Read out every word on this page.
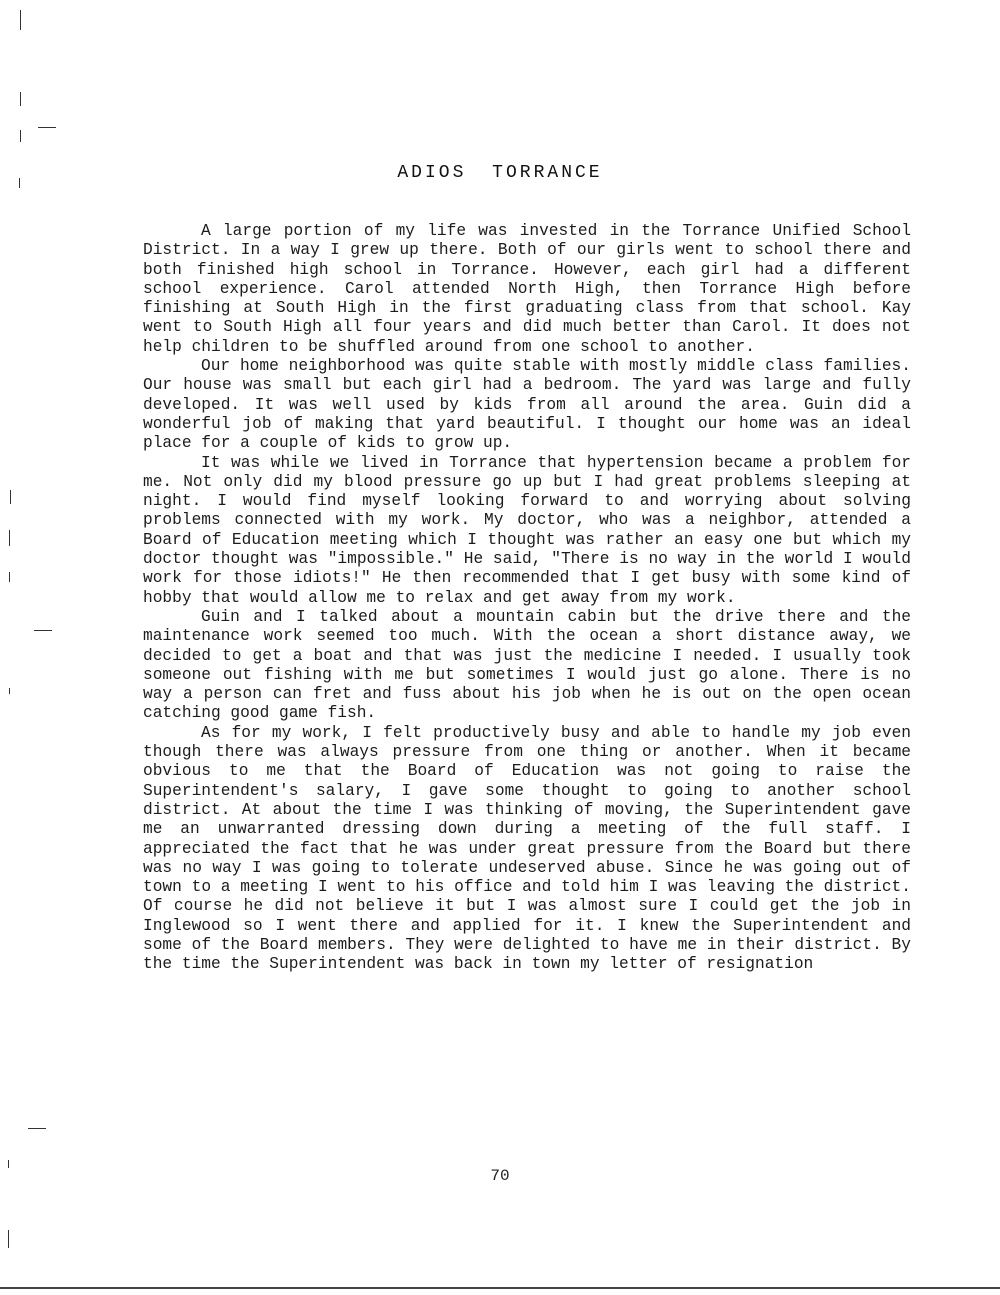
ADIOS TORRANCE

A large portion of my life was invested in the Torrance Unified School District. In a way I grew up there. Both of our girls went to school there and both finished high school in Torrance. However, each girl had a different school experience. Carol attended North High, then Torrance High before finishing at South High in the first graduating class from that school. Kay went to South High all four years and did much better than Carol. It does not help children to be shuffled around from one school to another.

Our home neighborhood was quite stable with mostly middle class families. Our house was small but each girl had a bedroom. The yard was large and fully developed. It was well used by kids from all around the area. Guin did a wonderful job of making that yard beautiful. I thought our home was an ideal place for a couple of kids to grow up.

It was while we lived in Torrance that hypertension became a problem for me. Not only did my blood pressure go up but I had great problems sleeping at night. I would find myself looking forward to and worrying about solving problems connected with my work. My doctor, who was a neighbor, attended a Board of Education meeting which I thought was rather an easy one but which my doctor thought was "impossible." He said, "There is no way in the world I would work for those idiots!" He then recommended that I get busy with some kind of hobby that would allow me to relax and get away from my work.

Guin and I talked about a mountain cabin but the drive there and the maintenance work seemed too much. With the ocean a short distance away, we decided to get a boat and that was just the medicine I needed. I usually took someone out fishing with me but sometimes I would just go alone. There is no way a person can fret and fuss about his job when he is out on the open ocean catching good game fish.

As for my work, I felt productively busy and able to handle my job even though there was always pressure from one thing or another. When it became obvious to me that the Board of Education was not going to raise the Superintendent's salary, I gave some thought to going to another school district. At about the time I was thinking of moving, the Superintendent gave me an unwarranted dressing down during a meeting of the full staff. I appreciated the fact that he was under great pressure from the Board but there was no way I was going to tolerate undeserved abuse. Since he was going out of town to a meeting I went to his office and told him I was leaving the district. Of course he did not believe it but I was almost sure I could get the job in Inglewood so I went there and applied for it. I knew the Superintendent and some of the Board members. They were delighted to have me in their district. By the time the Superintendent was back in town my letter of resignation

70
